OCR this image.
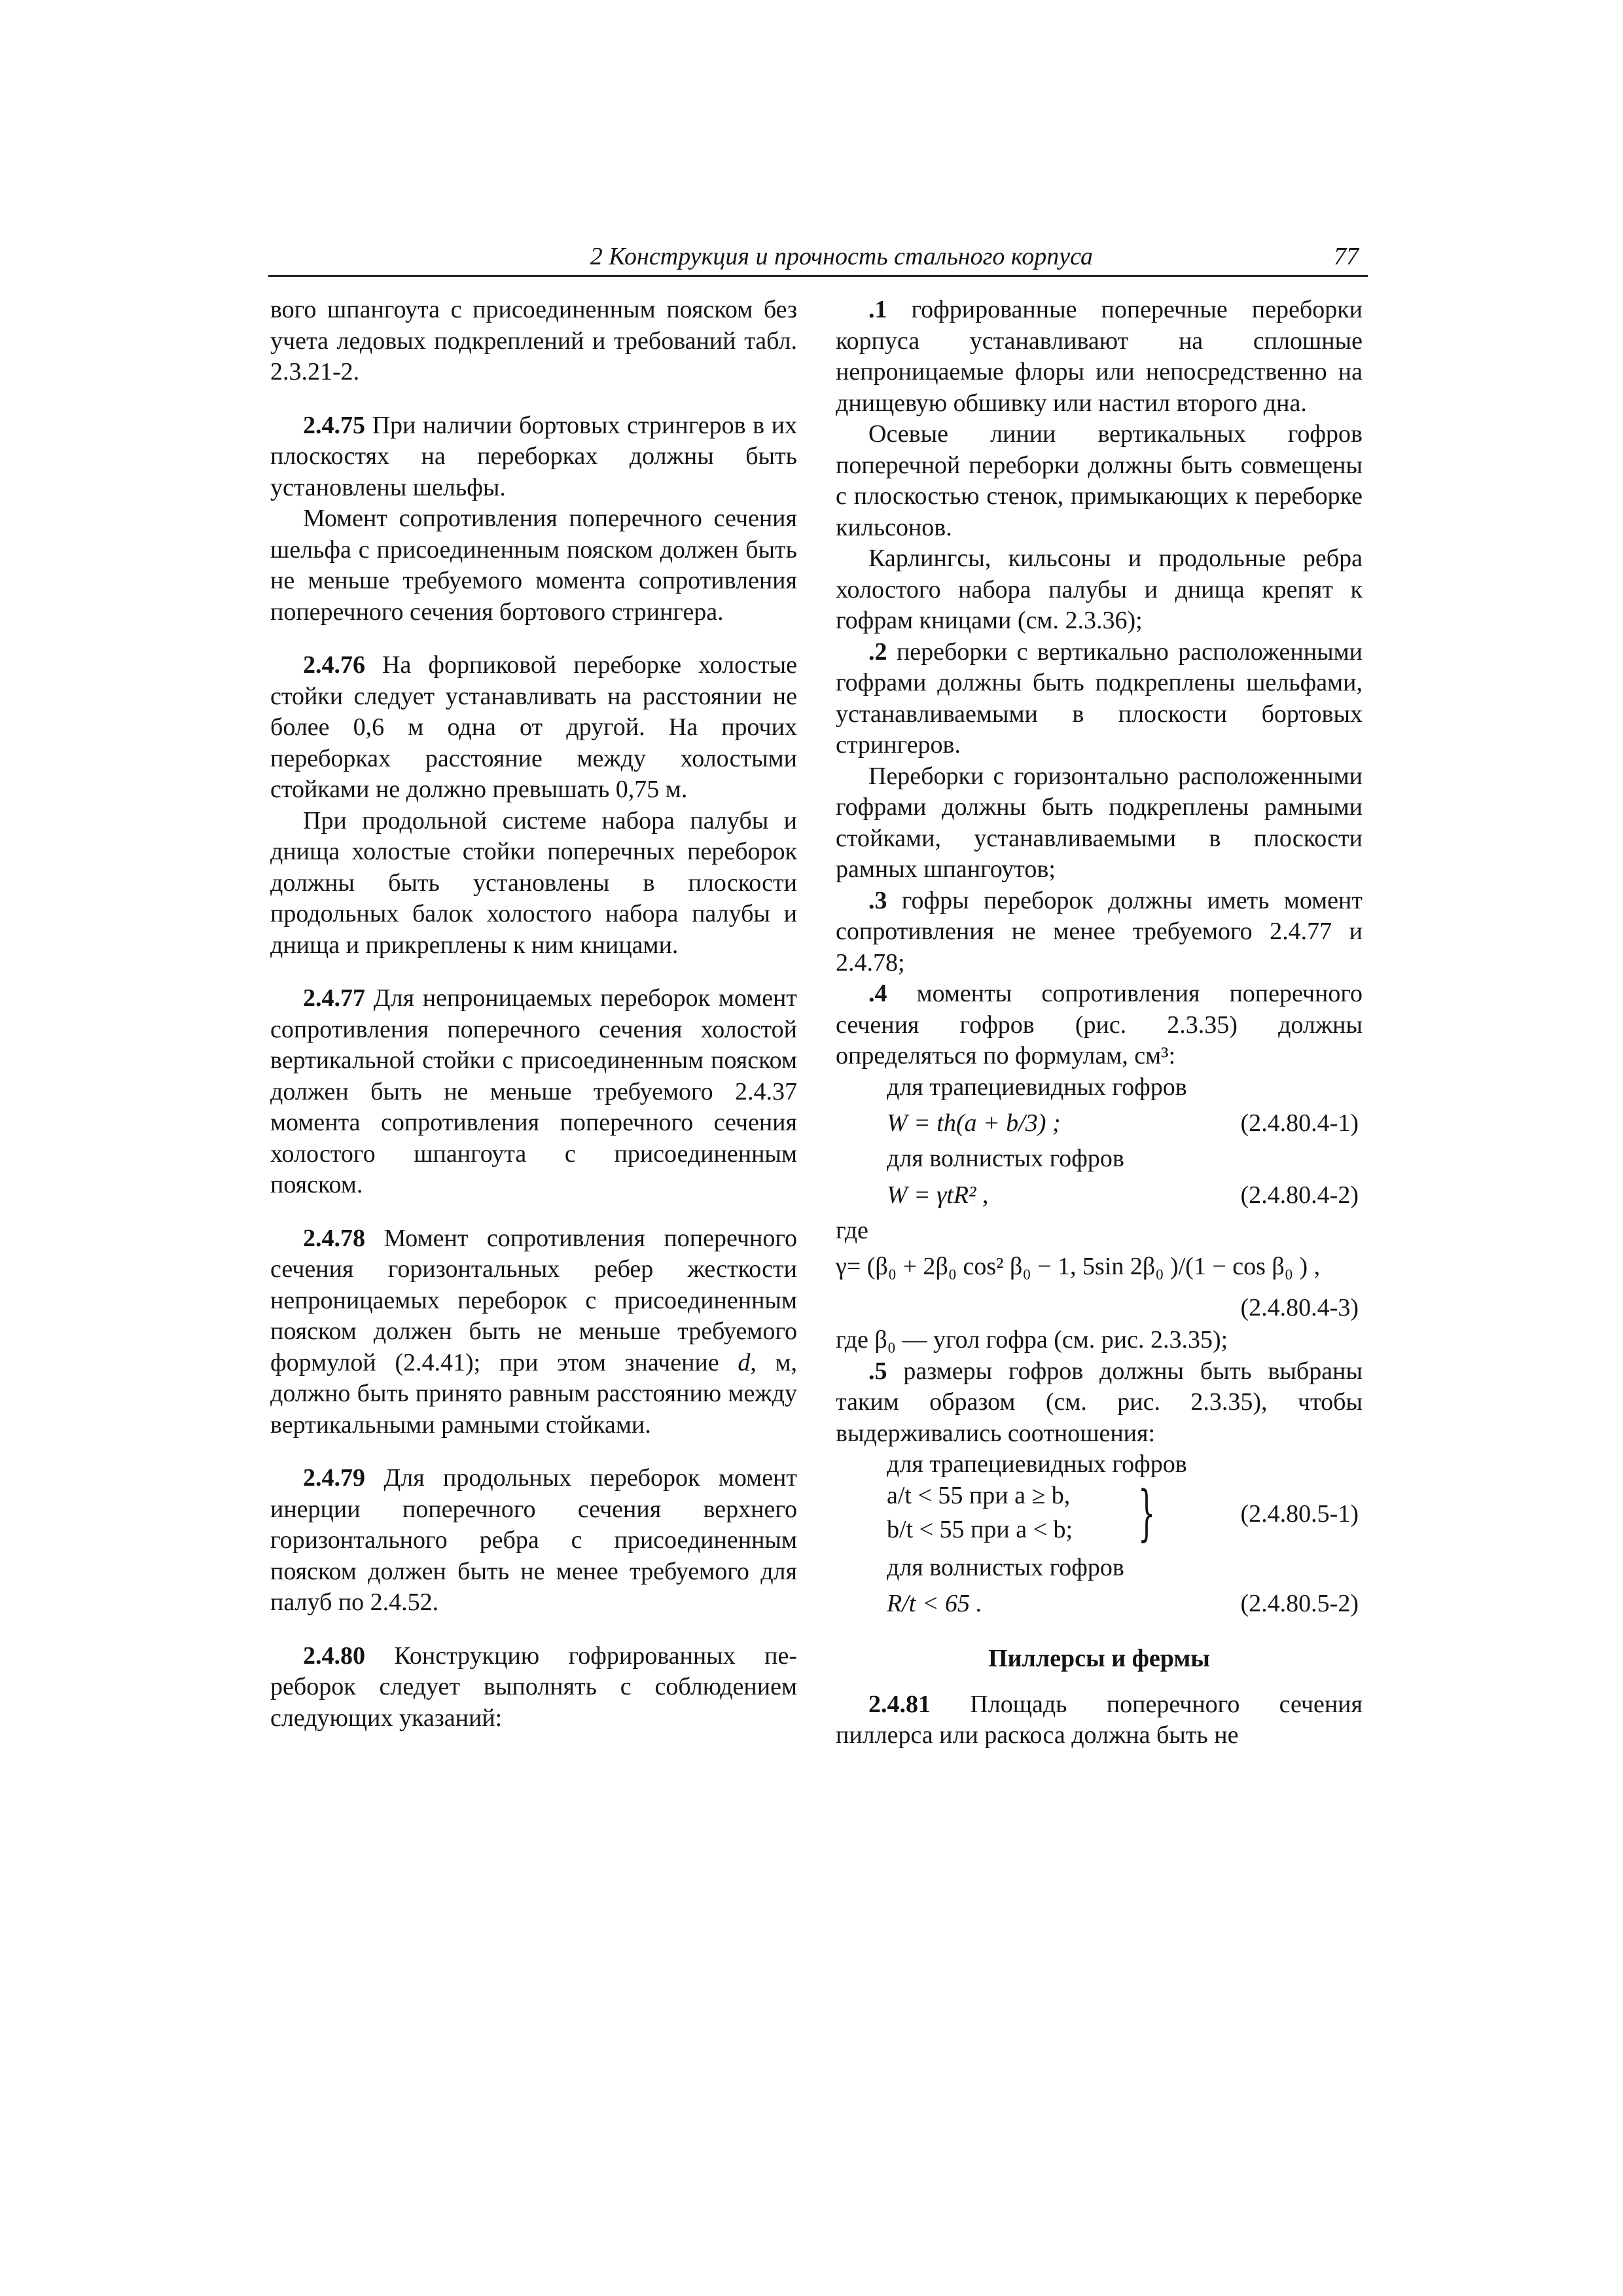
2 Конструкция и прочность стального корпуса	77

вого шпангоута с присоединенным пояском без учета ледовых подкреплений и требований табл. 2.3.21-2.

2.4.75 При наличии бортовых стрингеров в их плоскостях на переборках должны быть установлены шельфы.

Момент сопротивления поперечного сечения шельфа с присоединенным пояском должен быть не меньше требуемого момента сопротивления поперечного сечения бортового стрингера.

2.4.76 На форпиковой переборке холостые стойки следует устанавливать на расстоянии не более 0,6 м одна от другой. На прочих переборках расстояние между холостыми стойками не должно превышать 0,75 м.

При продольной системе набора палубы и днища холостые стойки поперечных переборок должны быть установлены в плоскости продольных балок холостого набора палубы и днища и прикреплены к ним кницами.

2.4.77 Для непроницаемых переборок момент сопротивления поперечного сечения холостой вертикальной стойки с присоединенным пояском должен быть не меньше требуемого 2.4.37 момента сопротивления поперечного сечения холостого шпангоута с присоединенным пояском.

2.4.78 Момент сопротивления поперечного сечения горизонтальных ребер жесткости непроницаемых переборок с присоединенным пояском должен быть не меньше требуемого формулой (2.4.41); при этом значение d, м, должно быть принято равным расстоянию между вертикальными рамными стойками.

2.4.79 Для продольных переборок момент инерции поперечного сечения верхнего горизонтального ребра с присоединенным пояском должен быть не менее требуемого для палуб по 2.4.52.

2.4.80 Конструкцию гофрированных переборок следует выполнять с соблюдением следующих указаний:

.1 гофрированные поперечные переборки корпуса устанавливают на сплошные непроницаемые флоры или непосредственно на днищевую обшивку или настил второго дна.

Осевые линии вертикальных гофров поперечной переборки должны быть совмещены с плоскостью стенок, примыкающих к переборке кильсонов.

Карлингсы, кильсоны и продольные ребра холостого набора палубы и днища крепят к гофрам кницами (см. 2.3.36);

.2 переборки с вертикально расположенными гофрами должны быть подкреплены шельфами, устанавливаемыми в плоскости бортовых стрингеров.

Переборки с горизонтально расположенными гофрами должны быть подкреплены рамными стойками, устанавливаемыми в плоскости рамных шпангоутов;

.3 гофры переборок должны иметь момент сопротивления не менее требуемого 2.4.77 и 2.4.78;

.4 моменты сопротивления поперечного сечения гофров (рис. 2.3.35) должны определяться по формулам, см³:

для трапециевидных гофров

W = th(a + b/3) ;	(2.4.80.4-1)

для волнистых гофров

W = γtR² ,	(2.4.80.4-2)

где

γ= (β₀ + 2β₀ cos² β₀ − 1, 5sin 2β₀ )/(1 − cos β₀ ) ,
(2.4.80.4-3)

где β₀ — угол гофра (см. рис. 2.3.35);

.5 размеры гофров должны быть выбраны таким образом (см. рис. 2.3.35), чтобы выдерживались соотношения:

для трапециевидных гофров

a/t < 55 при a ≥ b,
b/t < 55 при a < b; }	(2.4.80.5-1)

для волнистых гофров

R/t < 65 .	(2.4.80.5-2)
Пиллерсы и фермы

2.4.81 Площадь поперечного сечения пиллерса или раскоса должна быть не
